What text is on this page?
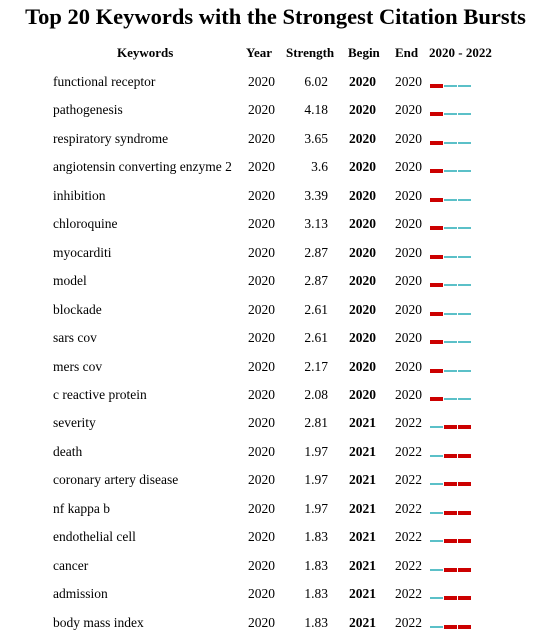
Top 20 Keywords with the Strongest Citation Bursts
Keywords	Year Strength Begin End 2020 - 2022
functional receptor	2020	6.02 2020 2020
pathogenesis	2020	4.18 2020 2020
respiratory syndrome	2020	3.65 2020 2020
angiotensin converting enzyme 2 2020	3.6 2020 2020
inhibition	2020	3.39 2020 2020
chloroquine	2020	3.13 2020 2020
myocarditi	2020	2.87 2020 2020
model	2020	2.87 2020 2020
blockade	2020	2.61 2020 2020
sars cov	2020	2.61 2020 2020
mers cov	2020	2.17 2020 2020
c reactive protein	2020	2.08 2020 2020
severity	2020	2.81 2021 2022
death	2020	1.97 2021 2022
coronary artery disease	2020	1.97 2021 2022
nf kappa b	2020	1.97 2021 2022
endothelial cell	2020	1.83 2021 2022
cancer	2020	1.83 2021 2022
admission	2020	1.83 2021 2022
body mass index	2020	1.83 2021 2022
